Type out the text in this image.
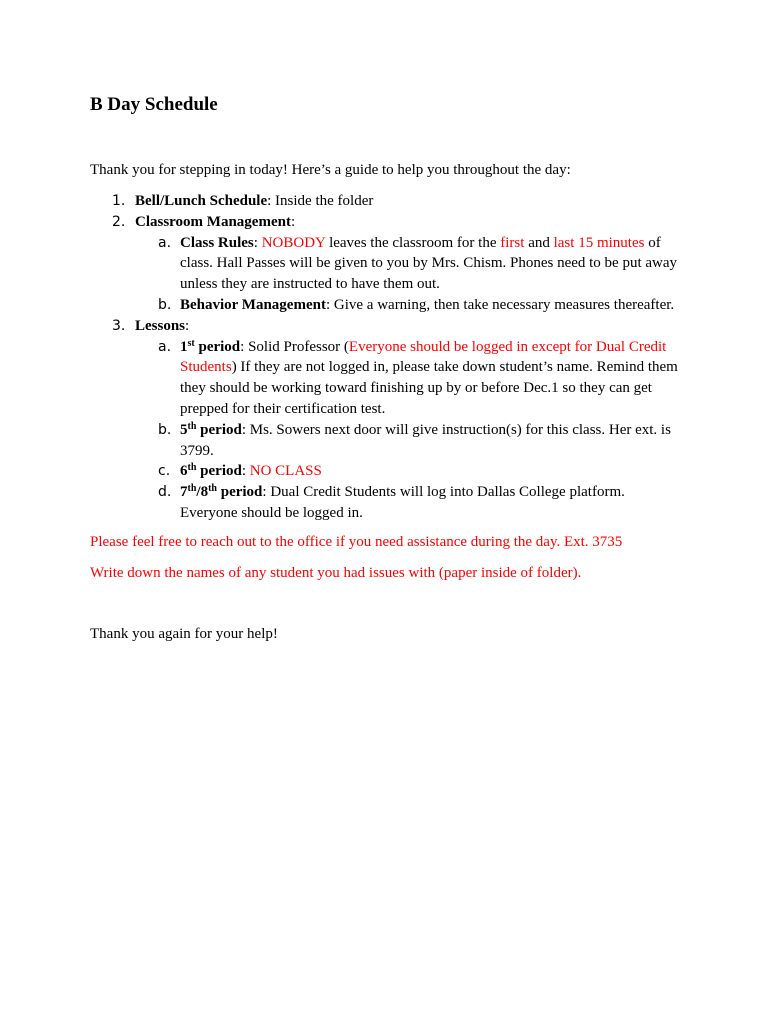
B Day Schedule
Thank you for stepping in today! Here’s a guide to help you throughout the day:
1. Bell/Lunch Schedule: Inside the folder
2. Classroom Management:
a. Class Rules: NOBODY leaves the classroom for the first and last 15 minutes of class. Hall Passes will be given to you by Mrs. Chism. Phones need to be put away unless they are instructed to have them out.
b. Behavior Management: Give a warning, then take necessary measures thereafter.
3. Lessons:
a. 1st period: Solid Professor (Everyone should be logged in except for Dual Credit Students) If they are not logged in, please take down student’s name. Remind them they should be working toward finishing up by or before Dec.1 so they can get prepped for their certification test.
b. 5th period: Ms. Sowers next door will give instruction(s) for this class. Her ext. is 3799.
c. 6th period: NO CLASS
d. 7th/8th period: Dual Credit Students will log into Dallas College platform. Everyone should be logged in.
Please feel free to reach out to the office if you need assistance during the day. Ext. 3735
Write down the names of any student you had issues with (paper inside of folder).
Thank you again for your help!
